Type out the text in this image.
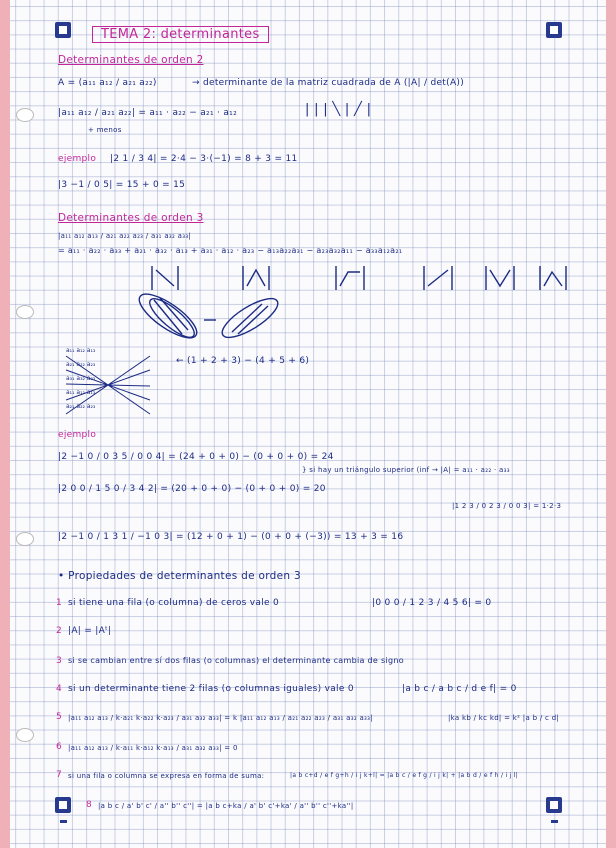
TEMA 2: determinantes
Determinantes de orden 2
A = (a₁₁ a₁₂ / a₂₁ a₂₂)	→ determinante de la matriz cuadrada de A (|A| / det(A))
|a₁₁ a₁₂ / a₂₁ a₂₂| = a₁₁ · a₂₂ − a₂₁ · a₁₂	| | | ╲ | ╱ |
+ menos
ejemplo |2 1 / 3 4| = 2·4 − 3·(−1) = 8 + 3 = 11
|3 −1 / 0 5| = 15 + 0 = 15
Determinantes de orden 3
|a₁₁ a₁₂ a₁₃ / a₂₁ a₂₂ a₂₃ / a₃₁ a₃₂ a₃₃|
= a₁₁ · a₂₂ · a₃₃ + a₂₁ · a₃₂ · a₁₃ + a₃₁ · a₁₂ · a₂₃ − a₁₃a₂₂a₃₁ − a₂₃a₃₂a₁₁ − a₃₃a₁₂a₂₁
a₁₁ a₁₂ a₁₃
a₂₁ a₂₂ a₂₃
a₃₁ a₃₂ a₃₃
a₁₁ a₁₂ a₁₃
a₂₁ a₂₂ a₂₃
← (1 + 2 + 3) − (4 + 5 + 6)
ejemplo
|2 −1 0 / 0 3 5 / 0 0 4| = (24 + 0 + 0) − (0 + 0 + 0) = 24
|2 0 0 / 1 5 0 / 3 4 2| = (20 + 0 + 0) − (0 + 0 + 0) = 20
} si hay un triángulo superior (inf → |A| = a₁₁ · a₂₂ · a₃₃
|1 2 3 / 0 2 3 / 0 0 3| = 1·2·3
|2 −1 0 / 1 3 1 / −1 0 3| = (12 + 0 + 1) − (0 + 0 + (−3)) = 13 + 3 = 16
• Propiedades de determinantes de orden 3
1 si tiene una fila (o columna) de ceros vale 0	|0 0 0 / 1 2 3 / 4 5 6| = 0
2 |A| = |Aᵗ|
3 si se cambian entre sí dos filas (o columnas) el determinante cambia de signo
4 si un determinante tiene 2 filas (o columnas iguales) vale 0	|a b c / a b c / d e f| = 0
5 |a₁₁ a₁₂ a₁₃ / k·a₂₁ k·a₂₂ k·a₂₃ / a₃₁ a₃₂ a₃₃| = k |a₁₁ a₁₂ a₁₃ / a₂₁ a₂₂ a₂₃ / a₃₁ a₃₂ a₃₃|	|ka kb / kc kd| = k² |a b / c d|
6 |a₁₁ a₁₂ a₁₃ / k·a₁₁ k·a₁₂ k·a₁₃ / a₃₁ a₃₂ a₃₃| = 0
7 si una fila o columna se expresa en forma de suma:	|a b c+d / e f g+h / i j k+l| = |a b c / e f g / i j k| + |a b d / e f h / i j l|
8 |a b c / a' b' c' / a'' b'' c''| = |a b c+ka / a' b' c'+ka' / a'' b'' c''+ka''|
